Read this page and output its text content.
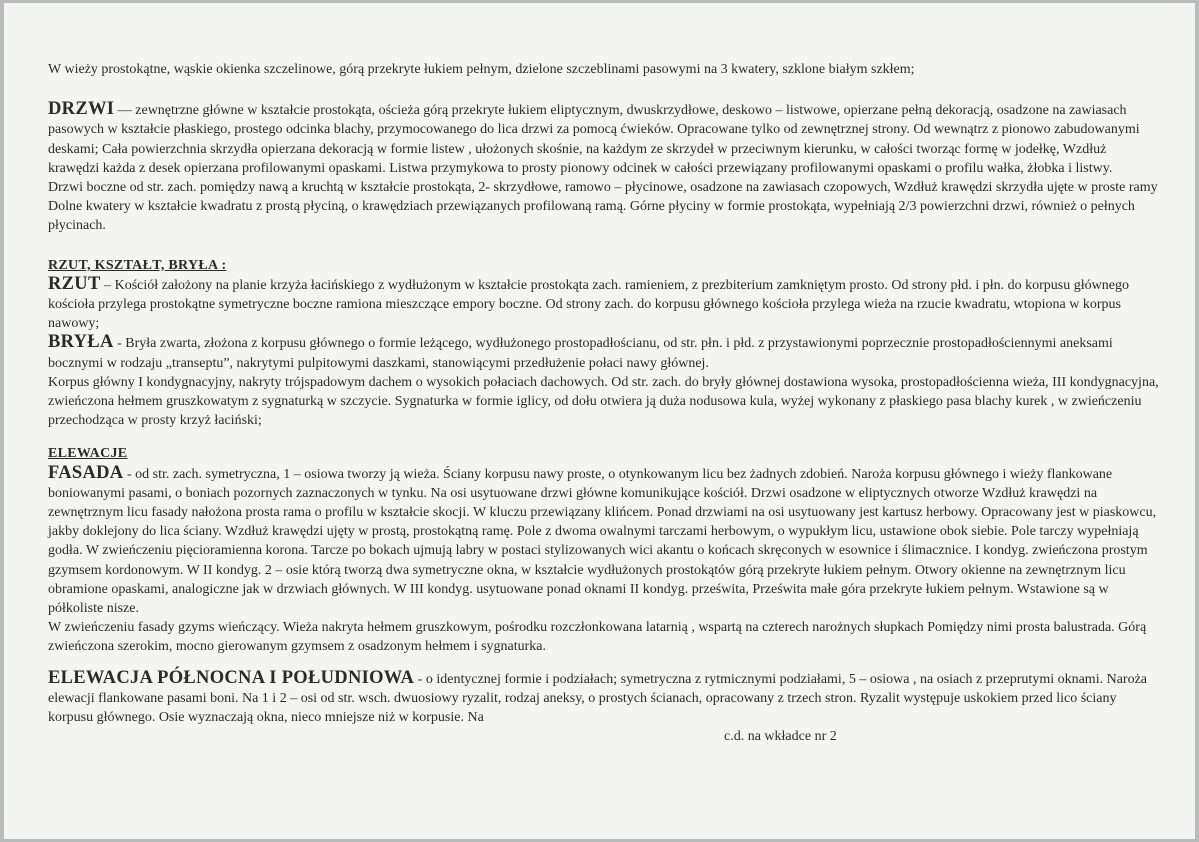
W wieży prostokątne, wąskie okienka szczelinowe, górą przekryte łukiem pełnym, dzielone szczeblinami pasowymi na 3 kwatery, szklone białym szkłem;

DRZWI — zewnętrzne główne w kształcie prostokąta, ościeża górą przekryte łukiem eliptycznym, dwuskrzydłowe, deskowo – listwowe, opierzane pełną dekoracją, osadzone na zawiasach pasowych w kształcie płaskiego, prostego odcinka blachy, przymocowanego do lica drzwi za pomocą ćwieków. Opracowane tylko od zewnętrznej strony. Od wewnątrz z pionowo zabudowanymi deskami; Cała powierzchnia skrzydła opierzana dekoracją w formie listew , ułożonych skośnie, na każdym ze skrzydeł w przeciwnym kierunku, w całości tworząc formę w jodełkę, Wzdłuż krawędzi każda z desek opierzana profilowanymi opaskami. Listwa przymykowa to prosty pionowy odcinek w całości przewiązany profilowanymi opaskami o profilu wałka, żłobka i listwy.

Drzwi boczne od str. zach. pomiędzy nawą a kruchtą w kształcie prostokąta, 2- skrzydłowe, ramowo – płycinowe, osadzone na zawiasach czopowych, Wzdłuż krawędzi skrzydła ujęte w proste ramy Dolne kwatery w kształcie kwadratu z prostą płyciną, o krawędziach przewiązanych profilowaną ramą. Górne płyciny w formie prostokąta, wypełniają 2/3 powierzchni drzwi, również o pełnych płycinach.

RZUT, KSZTAŁT, BRYŁA :

RZUT – Kościół założony na planie krzyża łacińskiego z wydłużonym w kształcie prostokąta zach. ramieniem, z prezbiterium zamkniętym prosto. Od strony płd. i płn. do korpusu głównego kościoła przylega prostokątne symetryczne boczne ramiona mieszczące empory boczne. Od strony zach. do korpusu głównego kościoła przylega wieża na rzucie kwadratu, wtopiona w korpus nawowy;

BRYŁA - Bryła zwarta, złożona z korpusu głównego o formie leżącego, wydłużonego prostopadłościanu, od str. płn. i płd. z przystawionymi poprzecznie prostopadłościennymi aneksami bocznymi w rodzaju „transeptu”, nakrytymi pulpitowymi daszkami, stanowiącymi przedłużenie połaci nawy głównej.

Korpus główny I kondygnacyjny, nakryty trójspadowym dachem o wysokich połaciach dachowych. Od str. zach. do bryły głównej dostawiona wysoka, prostopadłościenna wieża, III kondygnacyjna, zwieńczona hełmem gruszkowatym z sygnaturką w szczycie. Sygnaturka w formie iglicy, od dołu otwiera ją duża nodusowa kula, wyżej wykonany z płaskiego pasa blachy kurek , w zwieńczeniu przechodząca w prosty krzyż łaciński;

ELEWACJE

FASADA - od str. zach. symetryczna, 1 – osiowa tworzy ją wieża. Ściany korpusu nawy proste, o otynkowanym licu bez żadnych zdobień. Naroża korpusu głównego i wieży flankowane boniowanymi pasami, o boniach pozornych zaznaczonych w tynku. Na osi usytuowane drzwi główne komunikujące kościół. Drzwi osadzone w eliptycznych otworze Wzdłuż krawędzi na zewnętrznym licu fasady nałożona prosta rama o profilu w kształcie skocji. W kluczu przewiązany klińcem. Ponad drzwiami na osi usytuowany jest kartusz herbowy. Opracowany jest w piaskowcu, jakby doklejony do lica ściany. Wzdłuż krawędzi ujęty w prostą, prostokątną ramę. Pole z dwoma owalnymi tarczami herbowym, o wypukłym licu, ustawione obok siebie. Pole tarczy wypełniają godła. W zwieńczeniu pięcioramienna korona. Tarcze po bokach ujmują labry w postaci stylizowanych wici akantu o końcach skręconych w esownice i ślimacznice. I kondyg. zwieńczona prostym gzymsem kordonowym. W II kondyg. 2 – osie którą tworzą dwa symetryczne okna, w kształcie wydłużonych prostokątów górą przekryte łukiem pełnym. Otwory okienne na zewnętrznym licu obramione opaskami, analogiczne jak w drzwiach głównych. W III kondyg. usytuowane ponad oknami II kondyg. prześwita, Prześwita małe góra przekryte łukiem pełnym. Wstawione są w półkoliste nisze.

W zwieńczeniu fasady gzyms wieńczący. Wieża nakryta hełmem gruszkowym, pośrodku rozczłonkowana latarnią , wspartą na czterech narożnych słupkach Pomiędzy nimi prosta balustrada. Górą zwieńczona szerokim, mocno gierowanym gzymsem z osadzonym hełmem i sygnaturka.

ELEWACJA PÓŁNOCNA I POŁUDNIOWA - o identycznej formie i podziałach; symetryczna z rytmicznymi podziałami, 5 – osiowa , na osiach z przeprutymi oknami. Naroża elewacji flankowane pasami boni. Na 1 i 2 – osi od str. wsch. dwuosiowy ryzalit, rodzaj aneksy, o prostych ścianach, opracowany z trzech stron. Ryzalit występuje uskokiem przed lico ściany korpusu głównego. Osie wyznaczają okna, nieco mniejsze niż w korpusie. Na

c.d. na wkładce nr 2
